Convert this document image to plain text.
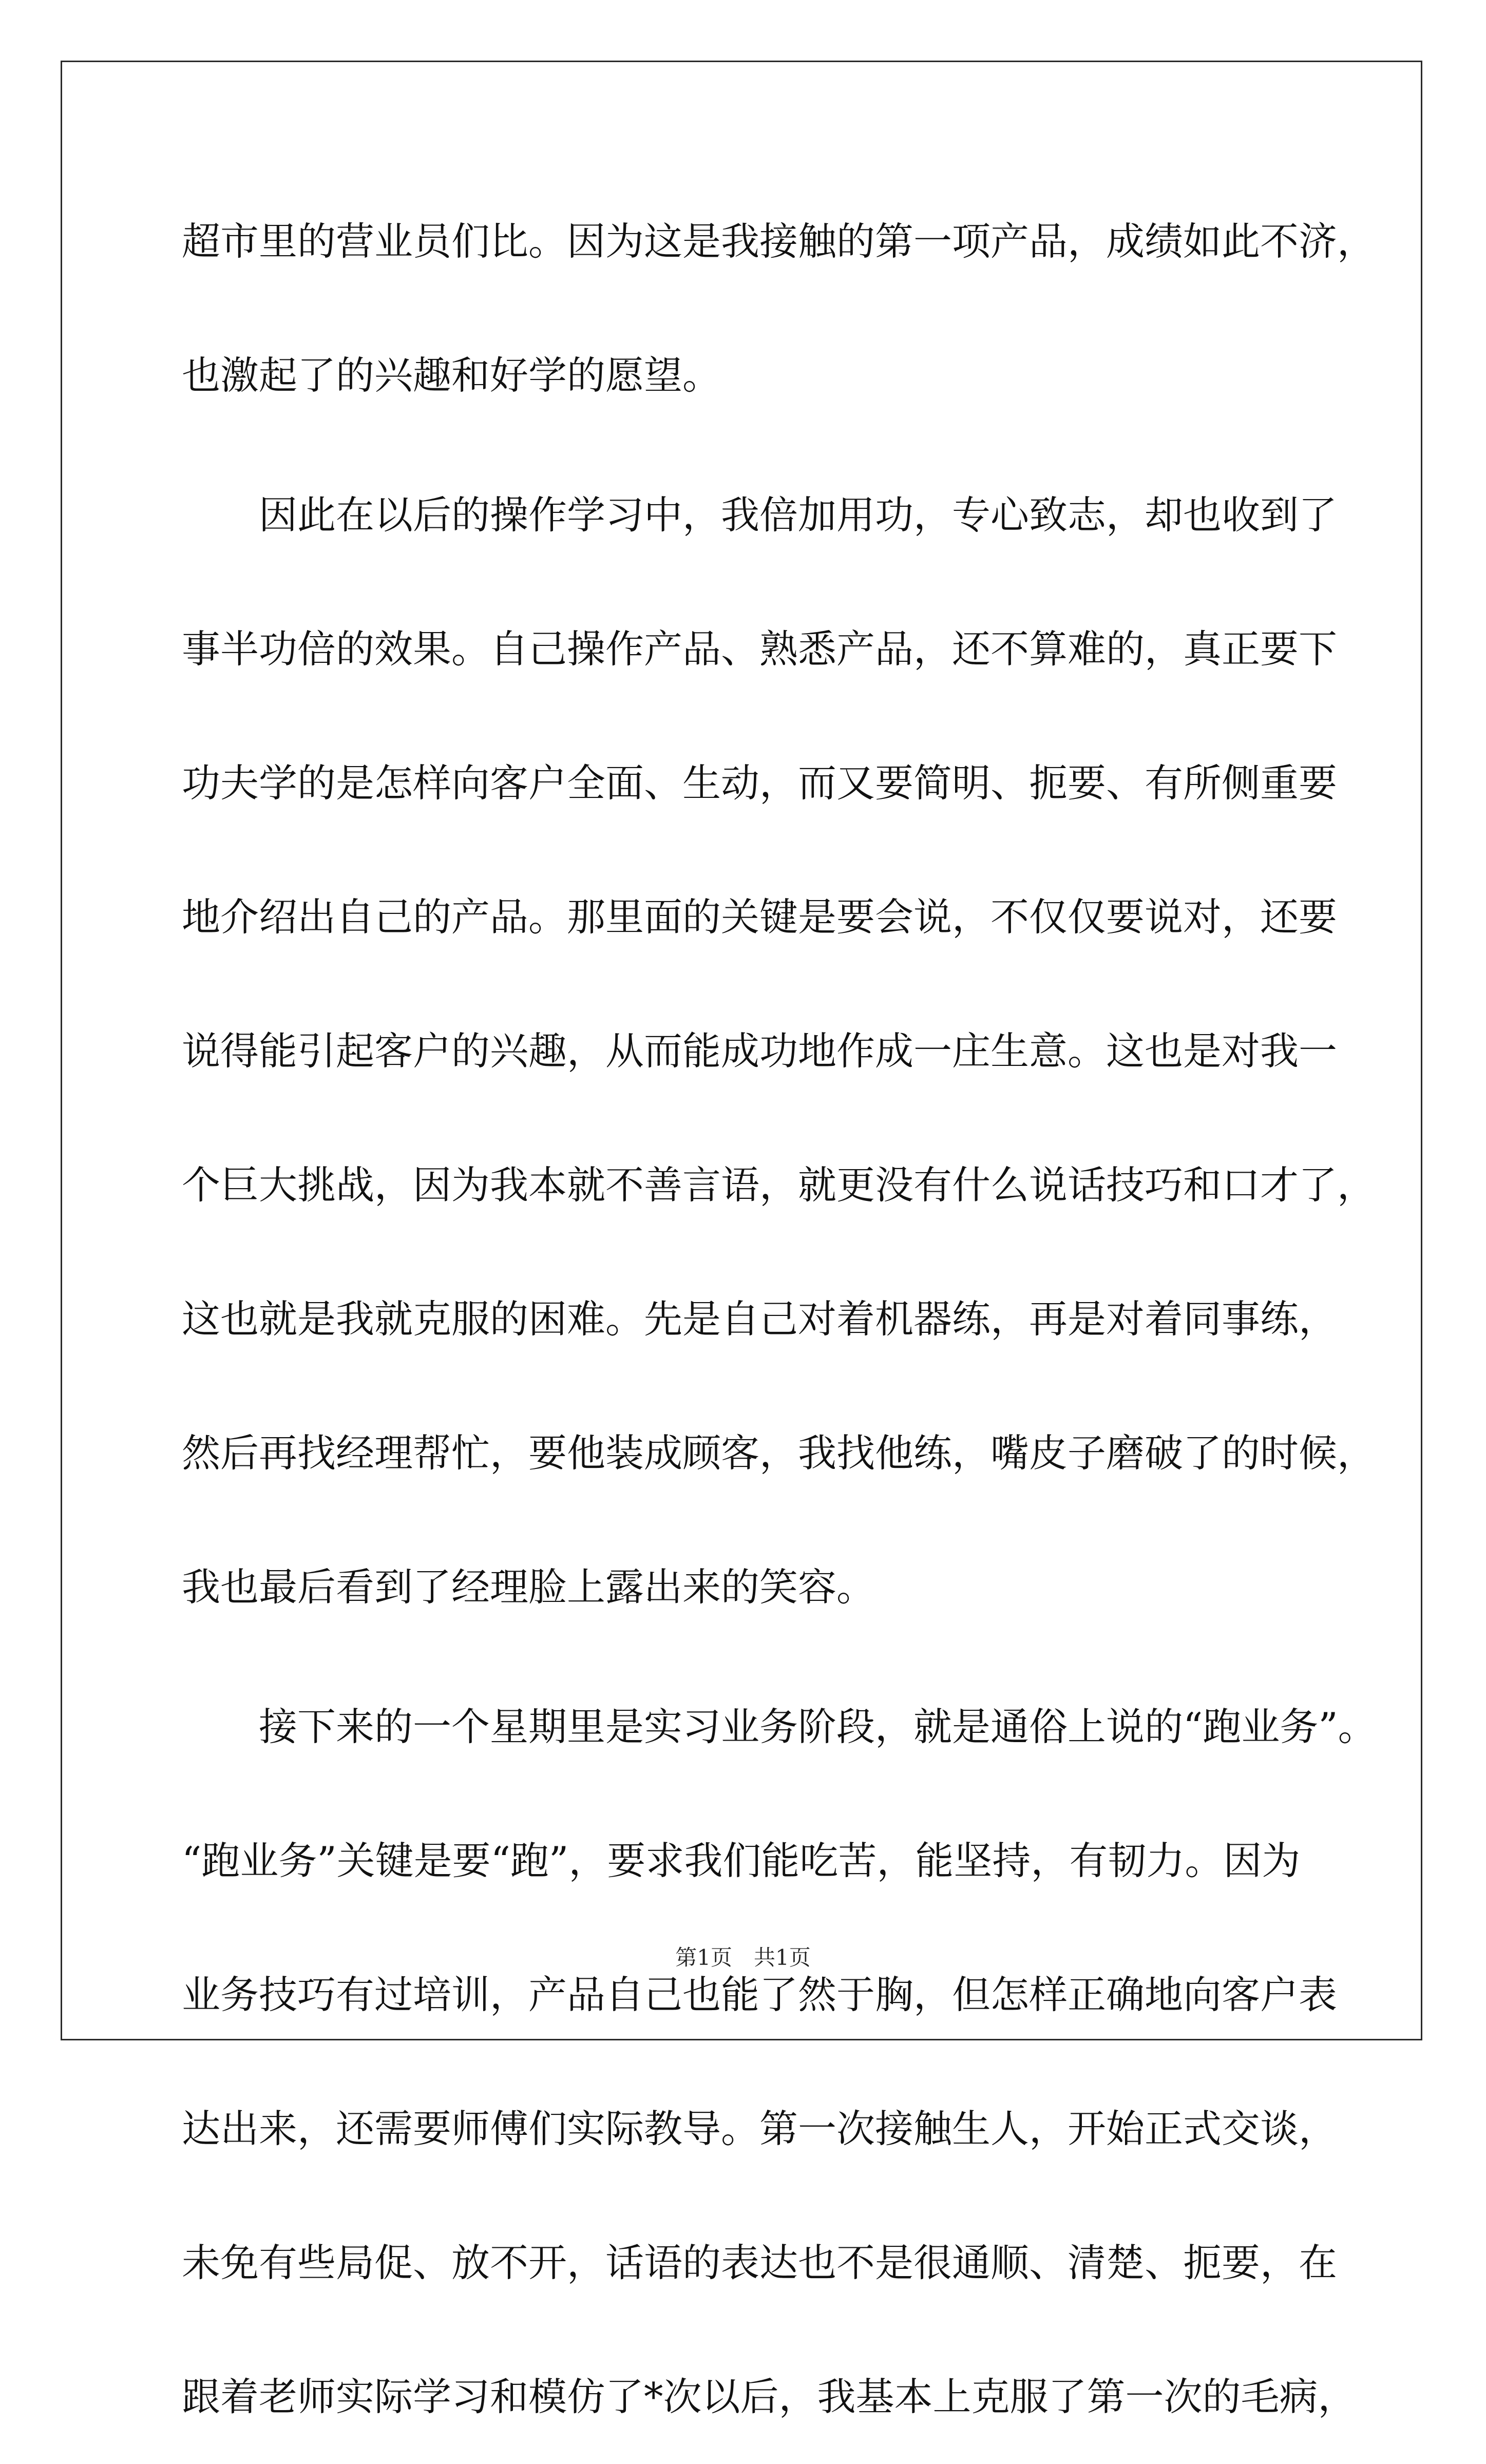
超市里的营业员们比。因为这是我接触的第一项产品，成绩如此不济，
也激起了的兴趣和好学的愿望。
　　因此在以后的操作学习中，我倍加用功，专心致志，却也收到了
事半功倍的效果。自己操作产品、熟悉产品，还不算难的，真正要下
功夫学的是怎样向客户全面、生动，而又要简明、扼要、有所侧重要
地介绍出自己的产品。那里面的关键是要会说，不仅仅要说对，还要
说得能引起客户的兴趣，从而能成功地作成一庄生意。这也是对我一
个巨大挑战，因为我本就不善言语，就更没有什么说话技巧和口才了，
这也就是我就克服的困难。先是自己对着机器练，再是对着同事练，
然后再找经理帮忙，要他装成顾客，我找他练，嘴皮子磨破了的时候，
我也最后看到了经理脸上露出来的笑容。
　　接下来的一个星期里是实习业务阶段，就是通俗上说的“跑业务”。
“跑业务”关键是要“跑”，要求我们能吃苦，能坚持，有韧力。因为
业务技巧有过培训，产品自己也能了然于胸，但怎样正确地向客户表
达出来，还需要师傅们实际教导。第一次接触生人，开始正式交谈，
未免有些局促、放不开，话语的表达也不是很通顺、清楚、扼要，在
跟着老师实际学习和模仿了*次以后，我基本上克服了第一次的毛病，
第1页　共1页
